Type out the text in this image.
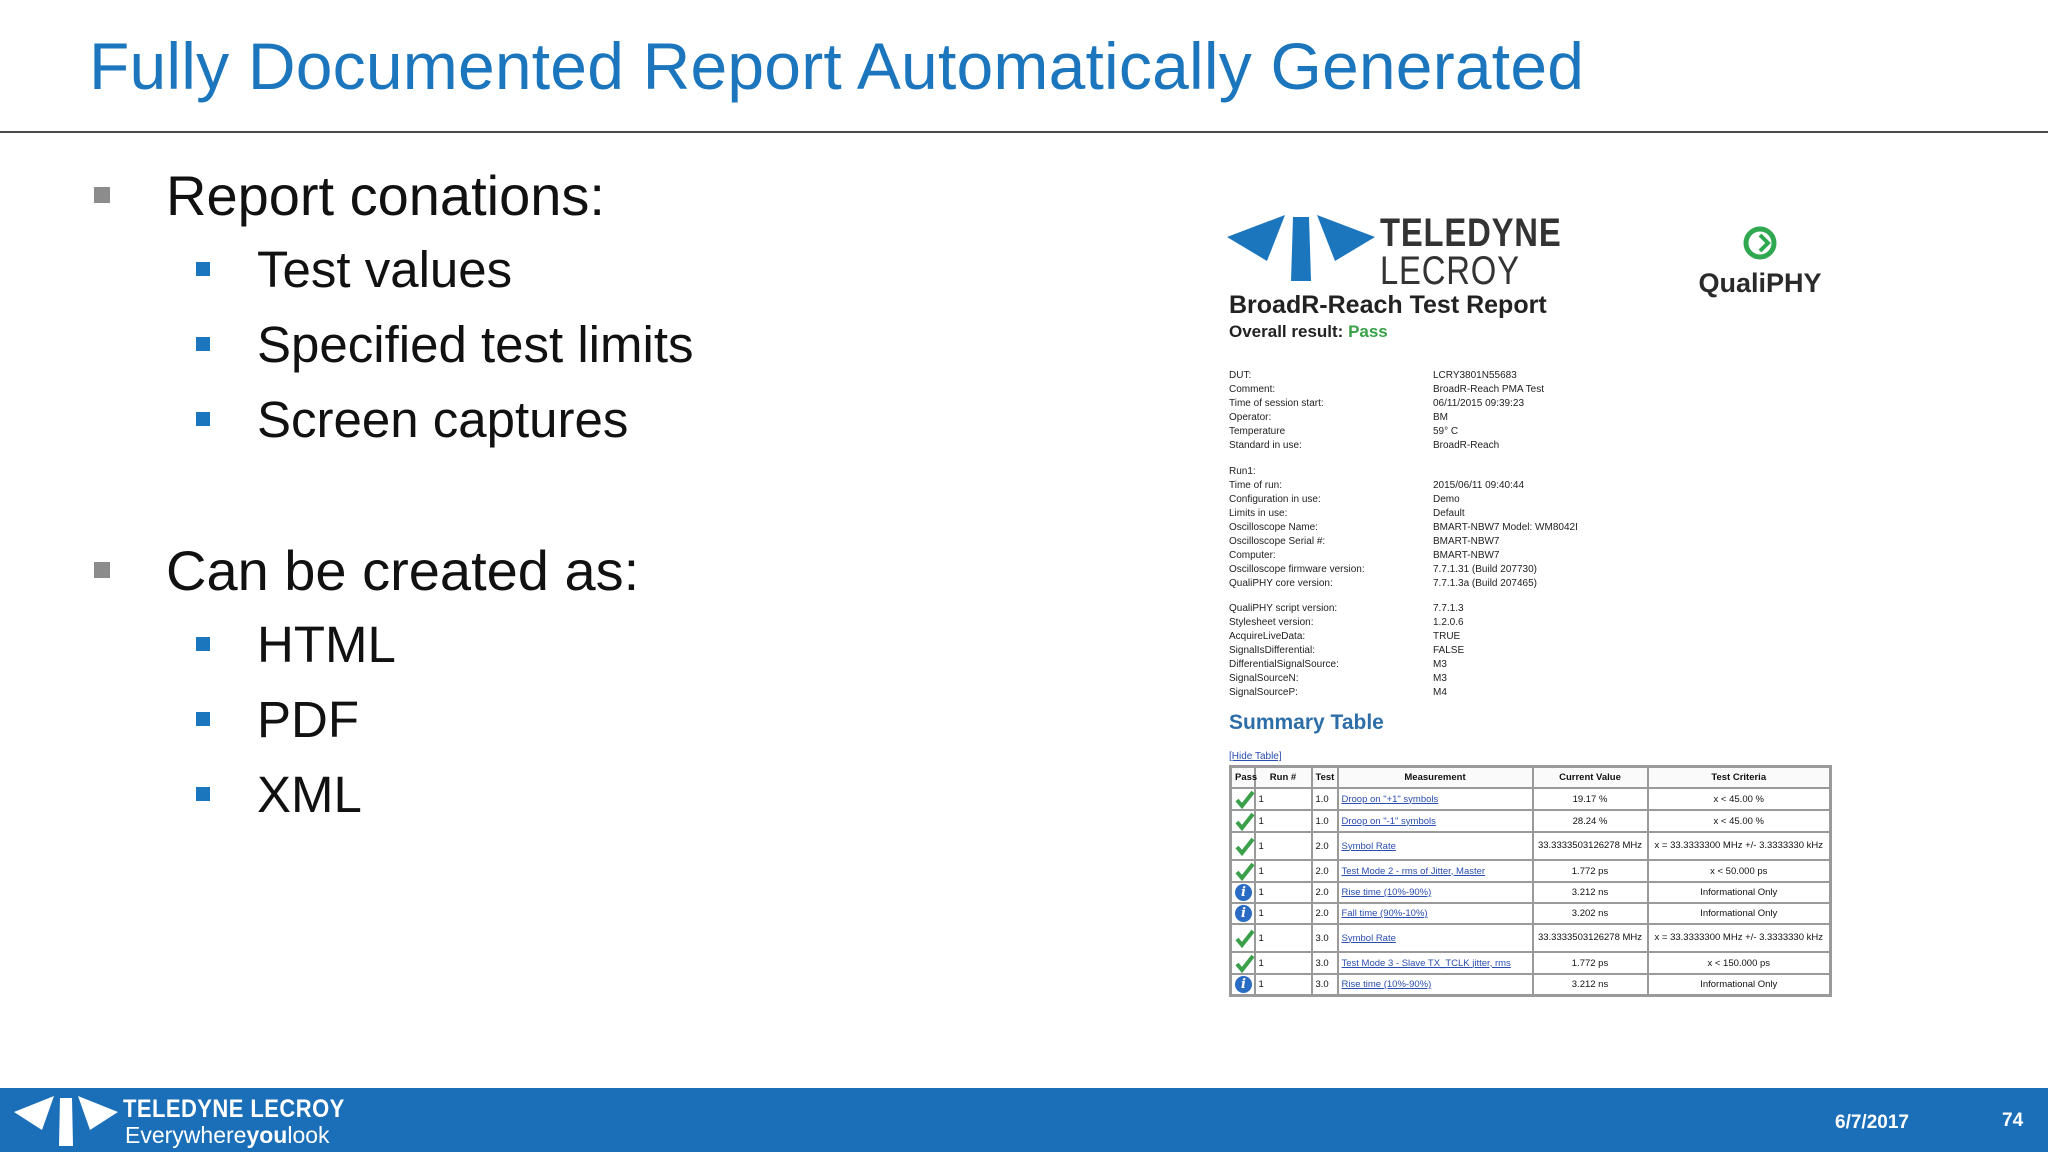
Fully Documented Report Automatically Generated
Report conations:
Test values
Specified test limits
Screen captures
Can be created as:
HTML
PDF
XML
TELEDYNE
LECROY	QualiPHY
BroadR-Reach Test Report
Overall result: Pass
DUT:	LCRY3801N55683
Comment:	BroadR-Reach PMA Test
Time of session start:	06/11/2015 09:39:23
Operator:	BM
Temperature	59° C
Standard in use:	BroadR-Reach
Run1:
Time of run:	2015/06/11 09:40:44
Configuration in use:	Demo
Limits in use:	Default
Oscilloscope Name:	BMART-NBW7 Model: WM8042I
Oscilloscope Serial #:	BMART-NBW7
Computer:	BMART-NBW7
Oscilloscope firmware version:	7.7.1.31 (Build 207730)
QualiPHY core version:	7.7.1.3a (Build 207465)
QualiPHY script version:	7.7.1.3
Stylesheet version:	1.2.0.6
AcquireLiveData:	TRUE
SignalIsDifferential:	FALSE
DifferentialSignalSource:	M3
SignalSourceN:	M3
SignalSourceP:	M4
Summary Table
[Hide Table]
Pass	Run #	Test	Measurement	Current Value	Test Criteria
	1	1.0	Droop on "+1" symbols	19.17 %	x < 45.00 %
	1	1.0	Droop on "-1" symbols	28.24 %	x < 45.00 %
	1	2.0	Symbol Rate	33.3333503126278 MHz	x = 33.3333300 MHz +/- 3.3333330 kHz
	1	2.0	Test Mode 2 - rms of Jitter, Master	1.772 ps	x < 50.000 ps
i	1	2.0	Rise time (10%-90%)	3.212 ns	Informational Only
i	1	2.0	Fall time (90%-10%)	3.202 ns	Informational Only
	1	3.0	Symbol Rate	33.3333503126278 MHz	x = 33.3333300 MHz +/- 3.3333330 kHz
	1	3.0	Test Mode 3 - Slave TX_TCLK jitter, rms	1.772 ps	x < 150.000 ps
i	1	3.0	Rise time (10%-90%)	3.212 ns	Informational Only
TELEDYNE LECROY
Everywhereyoulook	6/7/2017	74
